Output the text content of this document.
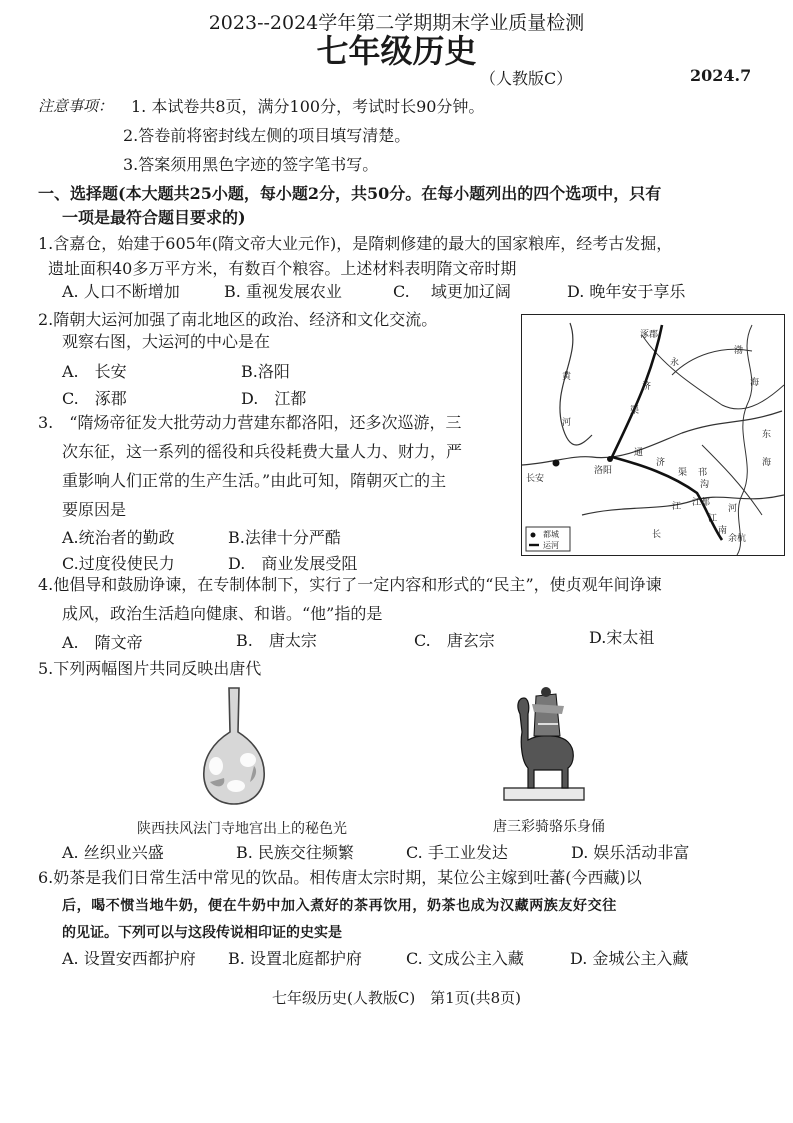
2023--2024学年第二学期期末学业质量检测
七年级历史
（人教版C）	2024.7
注意事项： 1. 本试卷共8页，满分100分，考试时长90分钟。
2.答卷前将密封线左侧的项目填写清楚。
3.答案须用黑色字迹的签字笔书写。
一、选择题(本大题共25小题，每小题2分，共50分。在每小题列出的四个选项中，只有
一项是最符合题目要求的)
1.含嘉仓，始建于605年(隋文帝大业元作)，是隋刺修建的最大的国家粮库，经考古发掘，
遗址面积40多万平方米，有数百个粮容。上述材料表明隋文帝时期
A. 人口不断增加	B. 重视发展农业	C.　 域更加辽阔	D. 晚年安于享乐
2.隋朝大运河加强了南北地区的政治、经济和文化交流。
观察右图，大运河的中心是在
A.　长安	B.洛阳
C.　涿郡	D.　江都
3.　“隋炀帝征发大批劳动力营建东都洛阳，还多次巡游，三
次东征，这一系列的徭役和兵役耗费大量人力、财力，严
重影响人们正常的生产生活。”由此可知，隋朝灭亡的主
要原因是
A.统治者的勤政	B.法律十分严酷
C.过度役使民力	D.　商业发展受阻
涿郡
渤
海
黄
河
长安
洛阳
通
济
渠
永
济
渠
邗
沟
江都
东
海
江
南
河
余杭
长
江
都城
运河
4.他倡导和鼓励诤谏，在专制体制下，实行了一定内容和形式的“民主”，使贞观年间诤谏
成风，政治生活趋向健康、和谐。“他”指的是
A.　隋文帝	B.　唐太宗	C.　唐玄宗	D.宋太祖
5.下列两幅图片共同反映出唐代
陕西扶风法门寺地宫出上的秘色光	唐三彩骑骆乐身俑
A. 丝织业兴盛	B. 民族交往频繁	C. 手工业发达	D. 娱乐活动非富
6.奶茶是我们日常生活中常见的饮品。相传唐太宗时期，某位公主嫁到吐蕃(今西藏)以
后，喝不惯当地牛奶，便在牛奶中加入煮好的茶再饮用，奶茶也成为汉藏两族友好交往
的见证。下列可以与这段传说相印证的史实是
A. 设置安西都护府 B. 设置北庭都护府	C. 文成公主入藏	D. 金城公主入藏
七年级历史(人教版C)　第1页(共8页)
